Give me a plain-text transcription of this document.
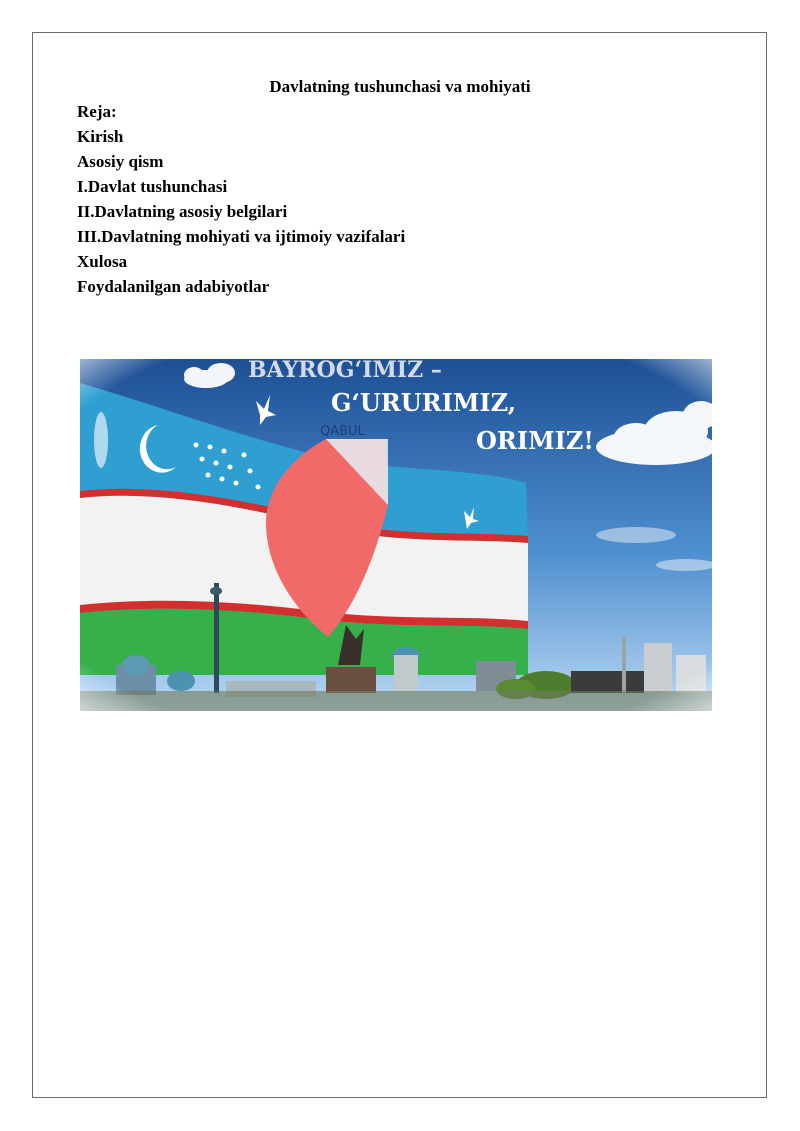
Davlatning tushunchasi va mohiyati
Reja:
Kirish
Asosiy qism
I.Davlat tushunchasi
II.Davlatning asosiy belgilari
III.Davlatning mohiyati va ijtimoiy vazifalari
Xulosa
Foydalanilgan adabiyotlar
